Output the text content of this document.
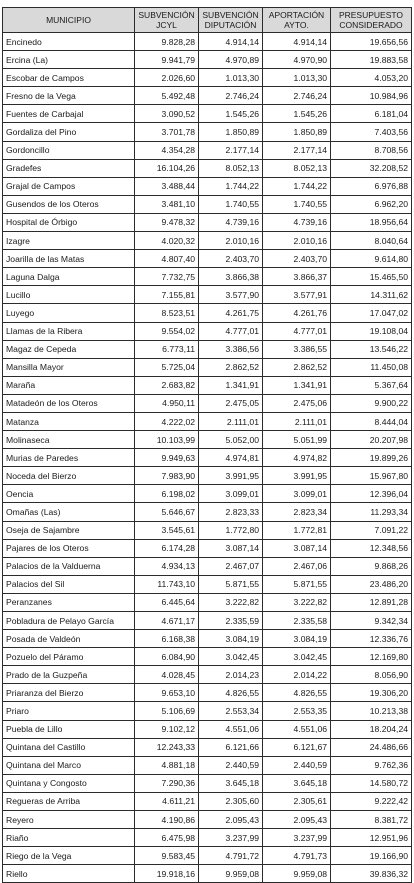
MUNICIPIO	SUBVENCIÓN JCYL	SUBVENCIÓN DIPUTACIÓN	APORTACIÓN AYTO.	PRESUPUESTO CONSIDERADO
Encinedo	9.828,28	4.914,14	4.914,14	19.656,56
Ercina (La)	9.941,79	4.970,89	4.970,90	19.883,58
Escobar de Campos	2.026,60	1.013,30	1.013,30	4.053,20
Fresno de la Vega	5.492,48	2.746,24	2.746,24	10.984,96
Fuentes de Carbajal	3.090,52	1.545,26	1.545,26	6.181,04
Gordaliza del Pino	3.701,78	1.850,89	1.850,89	7.403,56
Gordoncillo	4.354,28	2.177,14	2.177,14	8.708,56
Gradefes	16.104,26	8.052,13	8.052,13	32.208,52
Grajal de Campos	3.488,44	1.744,22	1.744,22	6.976,88
Gusendos de los Oteros	3.481,10	1.740,55	1.740,55	6.962,20
Hospital de Órbigo	9.478,32	4.739,16	4.739,16	18.956,64
Izagre	4.020,32	2.010,16	2.010,16	8.040,64
Joarilla de las Matas	4.807,40	2.403,70	2.403,70	9.614,80
Laguna Dalga	7.732,75	3.866,38	3.866,37	15.465,50
Lucillo	7.155,81	3.577,90	3.577,91	14.311,62
Luyego	8.523,51	4.261,75	4.261,76	17.047,02
Llamas de la Ribera	9.554,02	4.777,01	4.777,01	19.108,04
Magaz de Cepeda	6.773,11	3.386,56	3.386,55	13.546,22
Mansilla Mayor	5.725,04	2.862,52	2.862,52	11.450,08
Maraña	2.683,82	1.341,91	1.341,91	5.367,64
Matadeón de los Oteros	4.950,11	2.475,05	2.475,06	9.900,22
Matanza	4.222,02	2.111,01	2.111,01	8.444,04
Molinaseca	10.103,99	5.052,00	5.051,99	20.207,98
Murias de Paredes	9.949,63	4.974,81	4.974,82	19.899,26
Noceda del Bierzo	7.983,90	3.991,95	3.991,95	15.967,80
Oencia	6.198,02	3.099,01	3.099,01	12.396,04
Omañas (Las)	5.646,67	2.823,33	2.823,34	11.293,34
Oseja de Sajambre	3.545,61	1.772,80	1.772,81	7.091,22
Pajares de los Oteros	6.174,28	3.087,14	3.087,14	12.348,56
Palacios de la Valduerna	4.934,13	2.467,07	2.467,06	9.868,26
Palacios del Sil	11.743,10	5.871,55	5.871,55	23.486,20
Peranzanes	6.445,64	3.222,82	3.222,82	12.891,28
Pobladura de Pelayo García	4.671,17	2.335,59	2.335,58	9.342,34
Posada de Valdeón	6.168,38	3.084,19	3.084,19	12.336,76
Pozuelo del Páramo	6.084,90	3.042,45	3.042,45	12.169,80
Prado de la Guzpeña	4.028,45	2.014,23	2.014,22	8.056,90
Priaranza del Bierzo	9.653,10	4.826,55	4.826,55	19.306,20
Priaro	5.106,69	2.553,34	2.553,35	10.213,38
Puebla de Lillo	9.102,12	4.551,06	4.551,06	18.204,24
Quintana del Castillo	12.243,33	6.121,66	6.121,67	24.486,66
Quintana del Marco	4.881,18	2.440,59	2.440,59	9.762,36
Quintana y Congosto	7.290,36	3.645,18	3.645,18	14.580,72
Regueras de Arriba	4.611,21	2.305,60	2.305,61	9.222,42
Reyero	4.190,86	2.095,43	2.095,43	8.381,72
Riaño	6.475,98	3.237,99	3.237,99	12.951,96
Riego de la Vega	9.583,45	4.791,72	4.791,73	19.166,90
Riello	19.918,16	9.959,08	9.959,08	39.836,32
